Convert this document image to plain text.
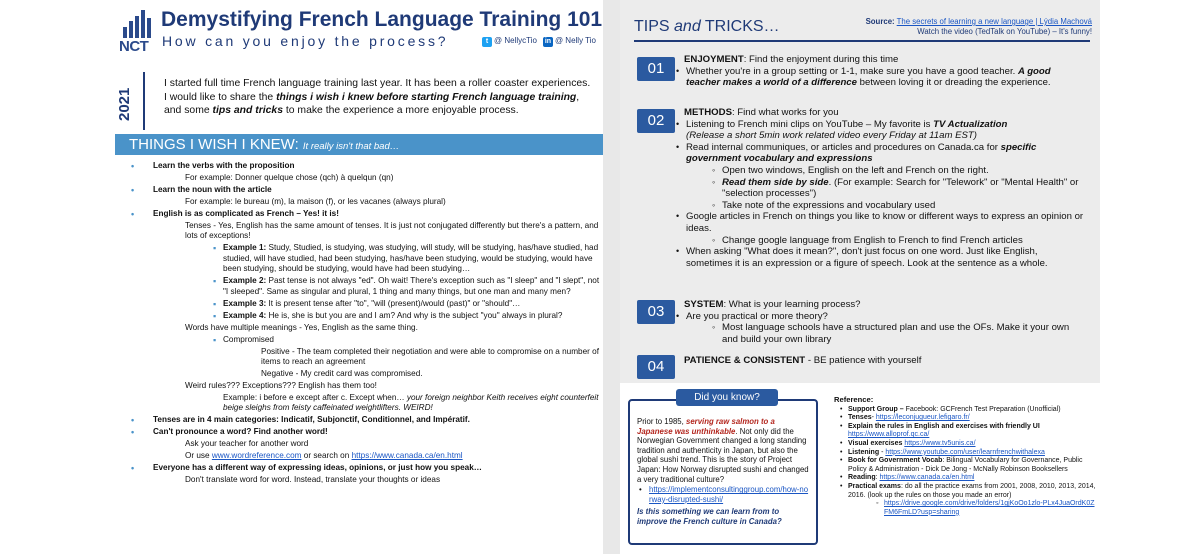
NCT
Demystifying French Language Training 101
How can you enjoy the process?	t @ NellycTio in @ Nelly Tio
2021
I started full time French language training last year. It has been a roller coaster experiences. I would like to share the things i wish i knew before starting French language training, and some tips and tricks to make the experience a more enjoyable process.
THINGS I WISH I KNEW: It really isn't that bad…
• Learn the verbs with the proposition
For example: Donner quelque chose (qch) à quelqun (qn)
• Learn the noun with the article
For example: le bureau (m), la maison (f), or les vacanes (always plural)
• English is as complicated as French – Yes! it is!
Tenses - Yes, English has the same amount of tenses. It is just not conjugated differently but there's a pattern, and lots of exceptions!
▪ Example 1: Study, Studied, is studying, was studying, will study, will be studying, has/have studied, had studied, will have studied, had been studying, has/have been studying, would be studying, would have been studying, should be studying, would have had been studying…
▪ Example 2: Past tense is not always "ed". Oh wait! There's exception such as "I sleep" and "I slept", not "I sleeped". Same as singular and plural, 1 thing and many things, but one man and many men?
▪ Example 3: It is present tense after "to", "will (present)/would (past)" or "should"…
▪ Example 4: He is, she is but you are and I am? And why is the subject "you" always in plural?
Words have multiple meanings - Yes, English as the same thing.
▪ Compromised
Positive - The team completed their negotiation and were able to compromise on a number of items to reach an agreement
Negative - My credit card was compromised.
Weird rules??? Exceptions??? English has them too!
Example: i before e except after c. Except when… your foreign neighbor Keith receives eight counterfeit beige sleighs from feisty caffeinated weightlifters. WEIRD!
• Tenses are in 4 main categories: Indicatif, Subjonctif, Conditionnel, and Impératif.
• Can't pronounce a word? Find another word!
Ask your teacher for another word
Or use www.wordreference.com or search on https://www.canada.ca/en.html
• Everyone has a different way of expressing ideas, opinions, or just how you speak…
Don't translate word for word. Instead, translate your thoughts or ideas
TIPS and TRICKS…	Source: The secrets of learning a new language | Lýdia Machová
Watch the video (TedTalk on YouTube) – It's funny!
01
ENJOYMENT: Find the enjoyment during this time
• Whether you're in a group setting or 1-1, make sure you have a good teacher. A good teacher makes a world of a difference between loving it or dreading the experience.
02	METHODS: Find what works for you
• Listening to French mini clips on YouTube – My favorite is TV Actualization
(Release a short 5min work related video every Friday at 11am EST)
• Read internal communiques, or articles and procedures on Canada.ca for specific government vocabulary and expressions
◦ Open two windows, English on the left and French on the right.
◦ Read them side by side. (For example: Search for "Telework" or "Mental Health" or "selection processes")
◦ Take note of the expressions and vocabulary used
• Google articles in French on things you like to know or different ways to express an opinion or ideas.
◦ Change google language from English to French to find French articles
• When asking "What does it mean?", don't just focus on one word. Just like English, sometimes it is an expression or a figure of speech. Look at the sentence as a whole.
03	SYSTEM: What is your learning process?
• Are you practical or more theory?
◦ Most language schools have a structured plan and use the OFs. Make it your own and build your own library
04	PATIENCE & CONSISTENT - BE patience with yourself
Did you know?
Prior to 1985, serving raw salmon to a Japanese was unthinkable. Not only did the Norwegian Government changed a long standing tradition and authenticity in Japan, but also the global sushi trend. This is the story of Project Japan: How Norway disrupted sushi and changed a very traditional culture?
• https://implementconsultinggroup.com/how-norway-disrupted-sushi/
Is this something we can learn from to improve the French culture in Canada?
Reference:
• Support Group – Facebook: GCFrench Test Preparation (Unofficial)
• Tenses- https://leconjugueur.lefigaro.fr/
• Explain the rules in English and exercises with friendly UI
https://www.alloprof.qc.ca/
• Visual exercises https://www.tv5unis.ca/
• Listening - https://www.youtube.com/user/learnfrenchwithalexa
• Book for Government Vocab: Bilingual Vocabulary for Governance, Public Policy & Administration - Dick De Jong - McNally Robinson Booksellers
• Reading: https://www.canada.ca/en.html
• Practical exams: do all the practice exams from 2001, 2008, 2010, 2013, 2014, 2016. (look up the rules on those you made an error)
◦ https://drive.google.com/drive/folders/1gjKoOo1zlo-PLx4JuaOrdK0ZFM6FmLD?usp=sharing
